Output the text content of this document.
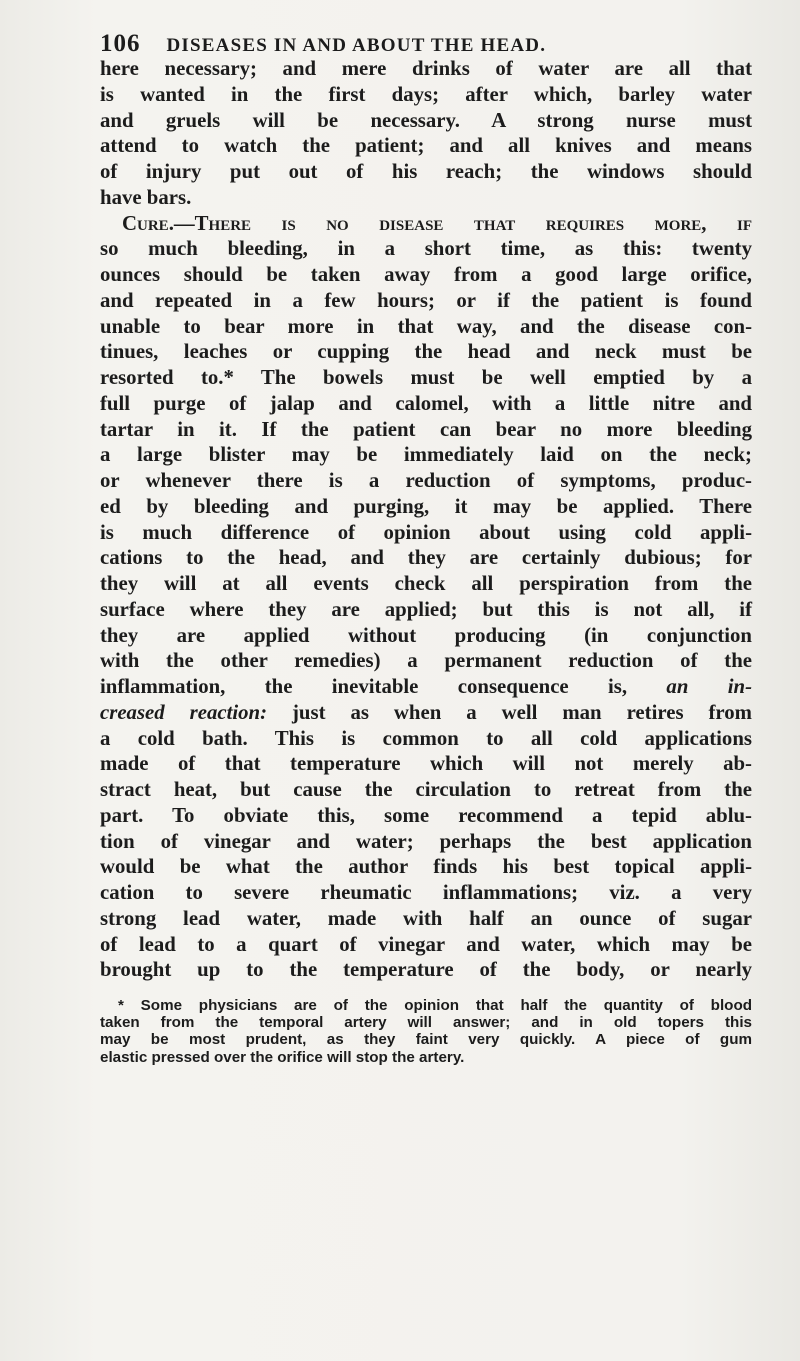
106 DISEASES IN AND ABOUT THE HEAD.
here necessary; and mere drinks of water are all that
is wanted in the first days; after which, barley water
and gruels will be necessary. A strong nurse must
attend to watch the patient; and all knives and means
of injury put out of his reach; the windows should
have bars.
Cure.—There is no disease that requires more, if
so much bleeding, in a short time, as this: twenty
ounces should be taken away from a good large orifice,
and repeated in a few hours; or if the patient is found
unable to bear more in that way, and the disease con-
tinues, leaches or cupping the head and neck must be
resorted to.* The bowels must be well emptied by a
full purge of jalap and calomel, with a little nitre and
tartar in it. If the patient can bear no more bleeding
a large blister may be immediately laid on the neck;
or whenever there is a reduction of symptoms, produc-
ed by bleeding and purging, it may be applied. There
is much difference of opinion about using cold appli-
cations to the head, and they are certainly dubious; for
they will at all events check all perspiration from the
surface where they are applied; but this is not all, if
they are applied without producing (in conjunction
with the other remedies) a permanent reduction of the
inflammation, the inevitable consequence is, an in-
creased reaction: just as when a well man retires from
a cold bath. This is common to all cold applications
made of that temperature which will not merely ab-
stract heat, but cause the circulation to retreat from the
part. To obviate this, some recommend a tepid ablu-
tion of vinegar and water; perhaps the best application
would be what the author finds his best topical appli-
cation to severe rheumatic inflammations; viz. a very
strong lead water, made with half an ounce of sugar
of lead to a quart of vinegar and water, which may be
brought up to the temperature of the body, or nearly
* Some physicians are of the opinion that half the quantity of blood
taken from the temporal artery will answer; and in old topers this
may be most prudent, as they faint very quickly. A piece of gum
elastic pressed over the orifice will stop the artery.
